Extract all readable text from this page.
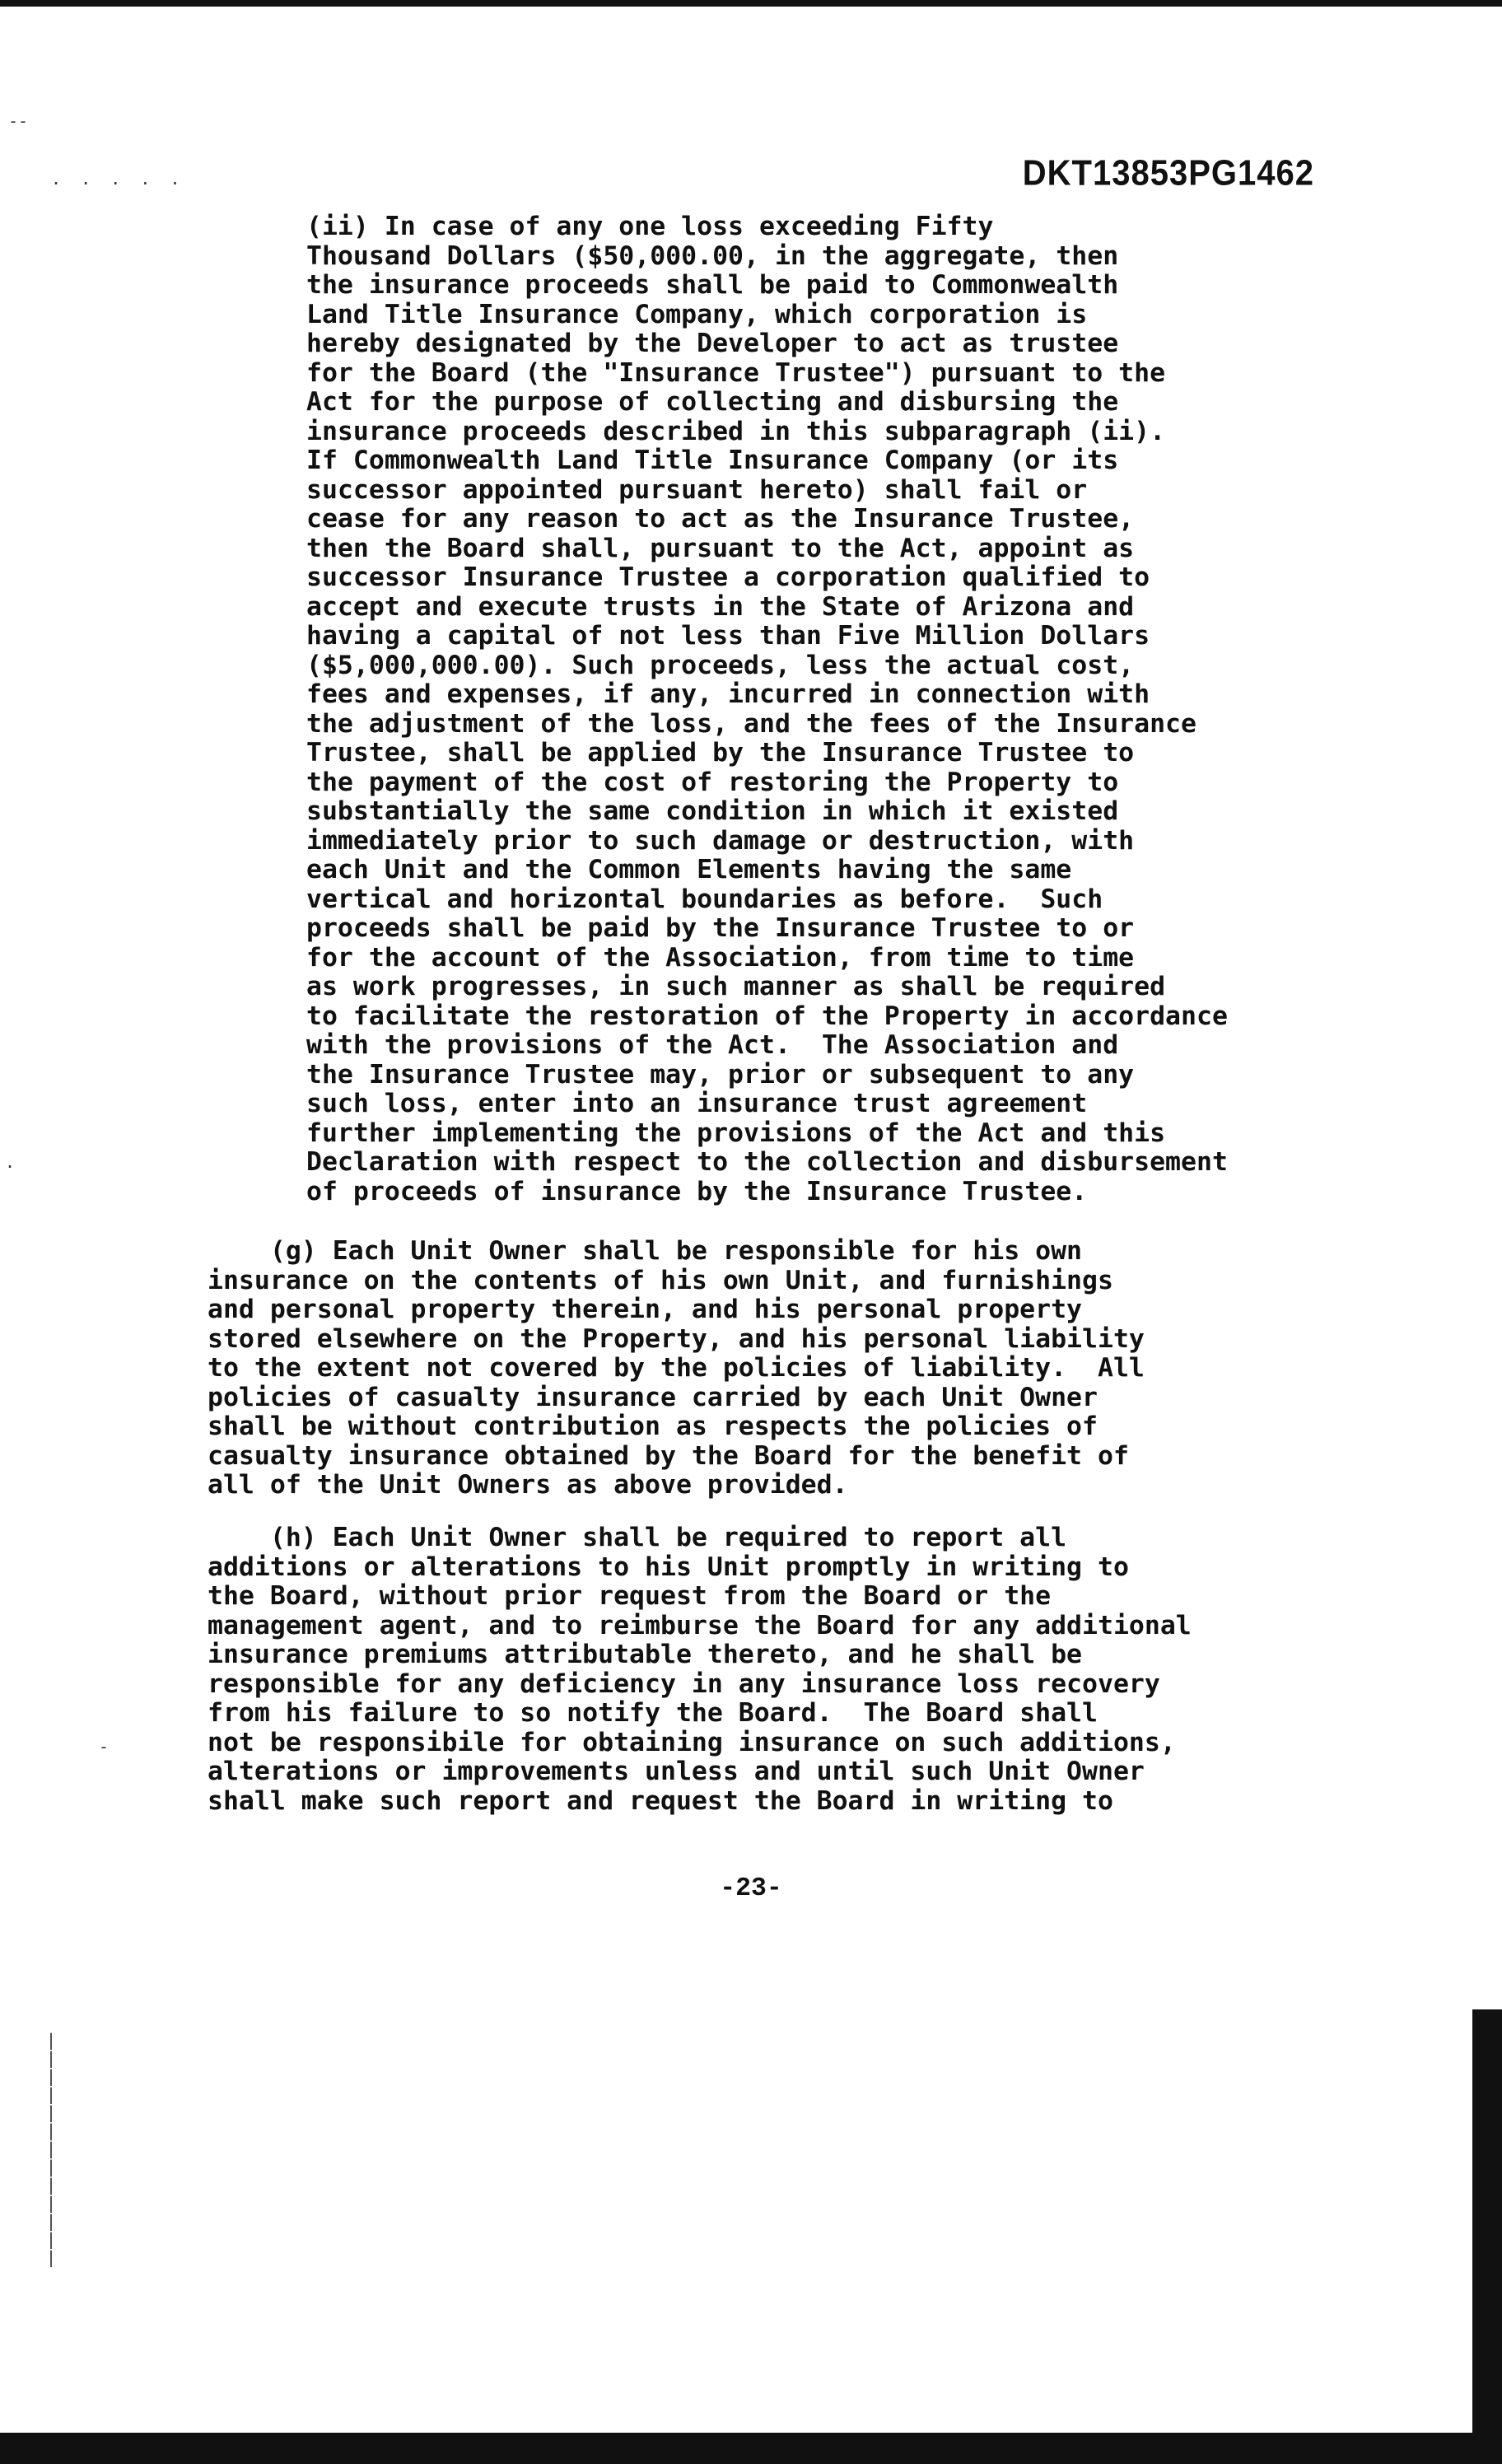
--
.  .  .  .  .
.
-

|
|
|
|
|
|
|
|
|
|
|
|
|

DKT13853PG1462
(ii) In case of any one loss exceeding Fifty
Thousand Dollars ($50,000.00, in the aggregate, then
the insurance proceeds shall be paid to Commonwealth
Land Title Insurance Company, which corporation is
hereby designated by the Developer to act as trustee
for the Board (the "Insurance Trustee") pursuant to the
Act for the purpose of collecting and disbursing the
insurance proceeds described in this subparagraph (ii).
If Commonwealth Land Title Insurance Company (or its
successor appointed pursuant hereto) shall fail or
cease for any reason to act as the Insurance Trustee,
then the Board shall, pursuant to the Act, appoint as
successor Insurance Trustee a corporation qualified to
accept and execute trusts in the State of Arizona and
having a capital of not less than Five Million Dollars
($5,000,000.00). Such proceeds, less the actual cost,
fees and expenses, if any, incurred in connection with
the adjustment of the loss, and the fees of the Insurance
Trustee, shall be applied by the Insurance Trustee to
the payment of the cost of restoring the Property to
substantially the same condition in which it existed
immediately prior to such damage or destruction, with
each Unit and the Common Elements having the same
vertical and horizontal boundaries as before.  Such
proceeds shall be paid by the Insurance Trustee to or
for the account of the Association, from time to time
as work progresses, in such manner as shall be required
to facilitate the restoration of the Property in accordance
with the provisions of the Act.  The Association and
the Insurance Trustee may, prior or subsequent to any
such loss, enter into an insurance trust agreement
further implementing the provisions of the Act and this
Declaration with respect to the collection and disbursement
of proceeds of insurance by the Insurance Trustee.
(g) Each Unit Owner shall be responsible for his own
insurance on the contents of his own Unit, and furnishings
and personal property therein, and his personal property
stored elsewhere on the Property, and his personal liability
to the extent not covered by the policies of liability.  All
policies of casualty insurance carried by each Unit Owner
shall be without contribution as respects the policies of
casualty insurance obtained by the Board for the benefit of
all of the Unit Owners as above provided.
(h) Each Unit Owner shall be required to report all
additions or alterations to his Unit promptly in writing to
the Board, without prior request from the Board or the
management agent, and to reimburse the Board for any additional
insurance premiums attributable thereto, and he shall be
responsible for any deficiency in any insurance loss recovery
from his failure to so notify the Board.  The Board shall
not be responsibile for obtaining insurance on such additions,
alterations or improvements unless and until such Unit Owner
shall make such report and request the Board in writing to
-23-
